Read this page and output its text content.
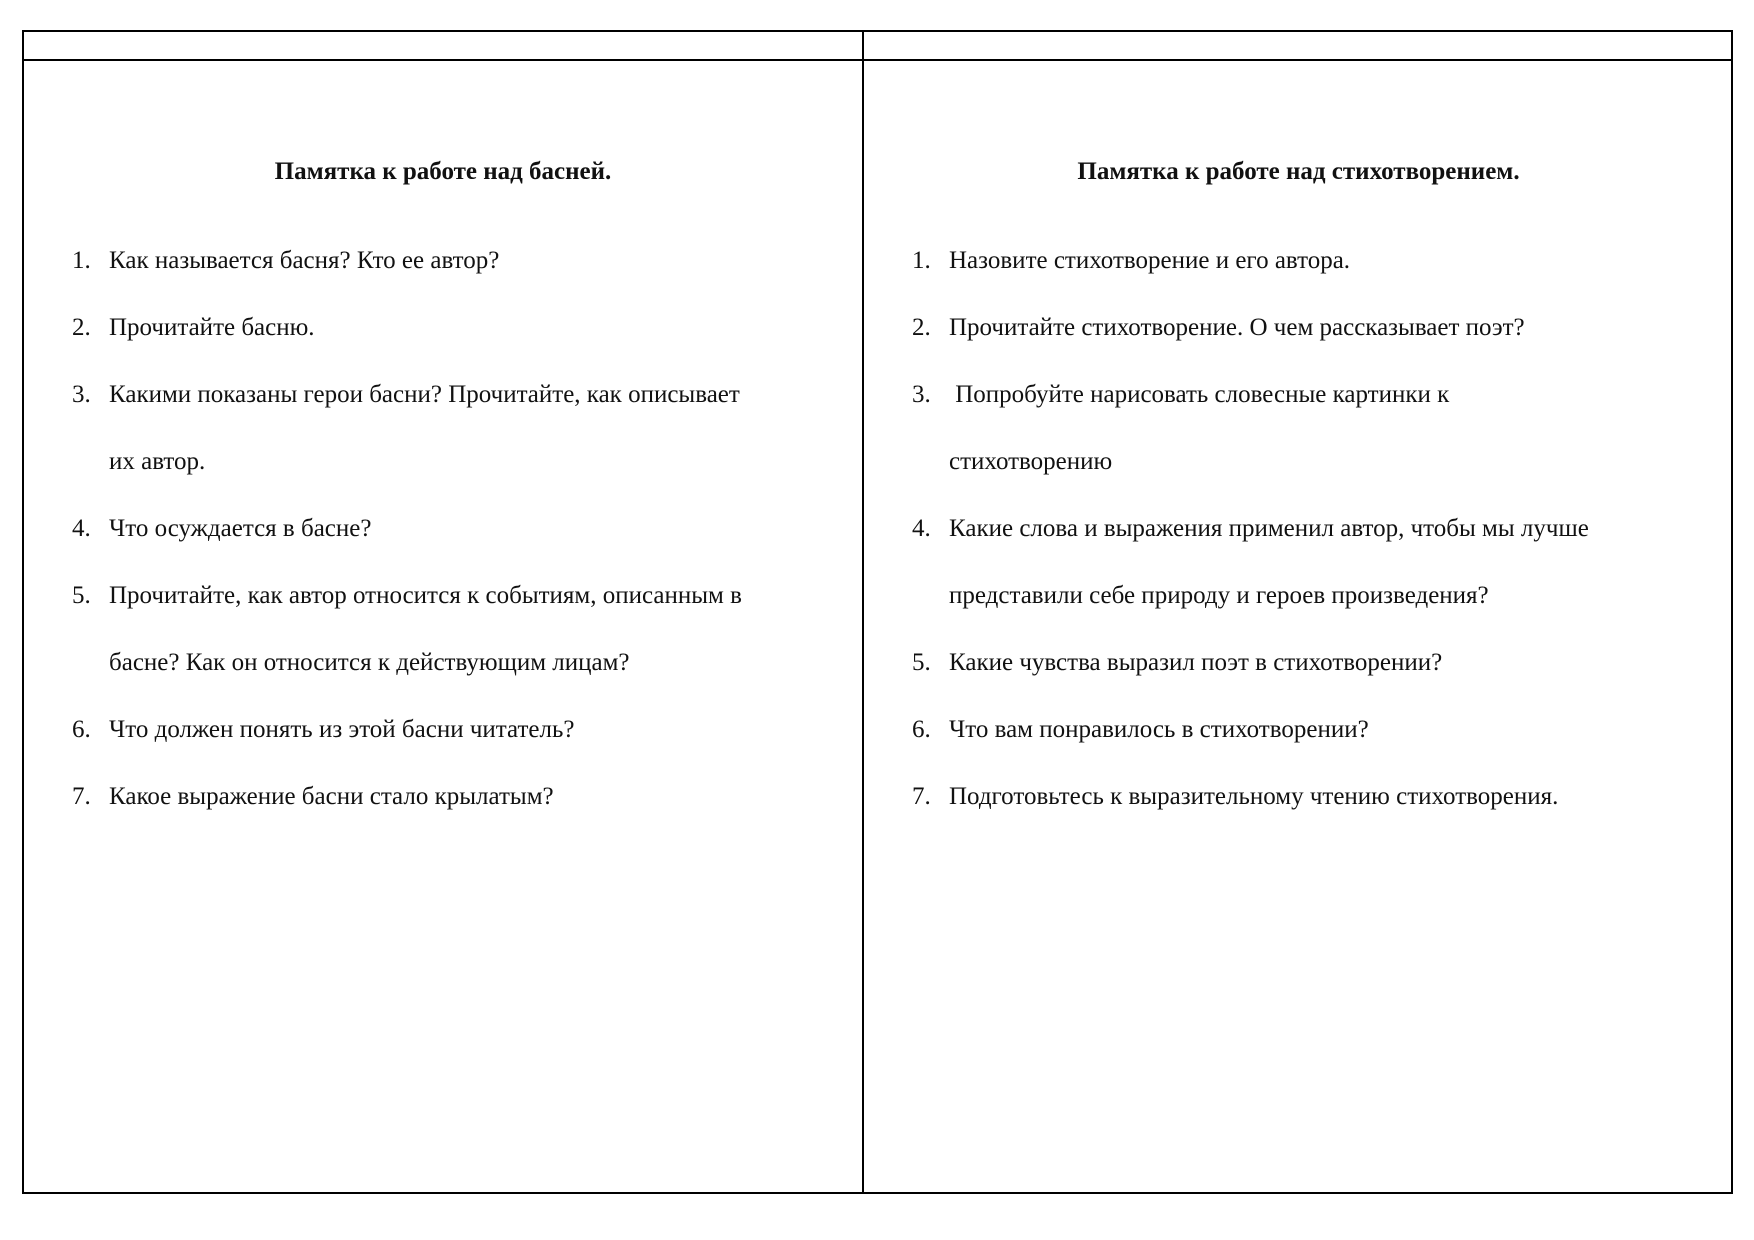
Памятка к работе над басней.
1. Как называется басня? Кто ее автор?
2. Прочитайте басню.
3. Какими показаны герои басни? Прочитайте, как описывает
их автор.
4. Что осуждается в басне?
5. Прочитайте, как автор относится к событиям, описанным в
басне? Как он относится к действующим лицам?
6. Что должен понять из этой басни читатель?
7. Какое выражение басни стало крылатым?
Памятка к работе над стихотворением.
1. Назовите стихотворение и его автора.
2. Прочитайте стихотворение. О чем рассказывает поэт?
3. Попробуйте нарисовать словесные картинки к
стихотворению
4. Какие слова и выражения применил автор, чтобы мы лучше
представили себе природу и героев произведения?
5. Какие чувства выразил поэт в стихотворении?
6. Что вам понравилось в стихотворении?
7. Подготовьтесь к выразительному чтению стихотворения.
